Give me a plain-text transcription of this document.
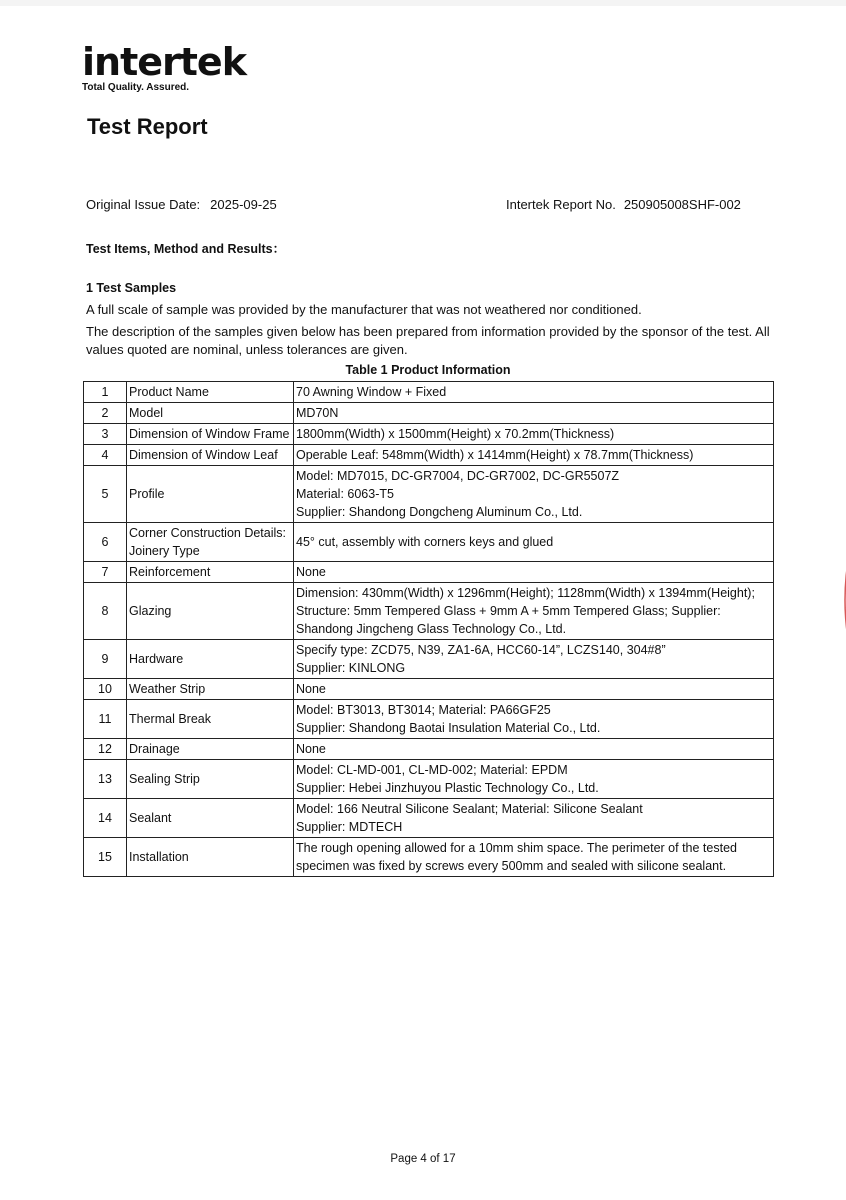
intertek
Total Quality. Assured.
Test Report
Original Issue Date: 2025-09-25	Intertek Report No. 250905008SHF-002
Test Items, Method and Results：
1 Test Samples
A full scale of sample was provided by the manufacturer that was not weathered nor conditioned.
The description of the samples given below has been prepared from information provided by the sponsor of the test. All values quoted are nominal, unless tolerances are given.
Table 1 Product Information
1	Product Name	70 Awning Window + Fixed

2	Model	MD70N

3	Dimension of Window Frame	1800mm(Width) x 1500mm(Height) x 70.2mm(Thickness)

4	Dimension of Window Leaf	Operable Leaf: 548mm(Width) x 1414mm(Height) x 78.7mm(Thickness)

5	Profile	Model: MD7015, DC-GR7004, DC-GR7002, DC-GR5507Z
Material: 6063-T5
Supplier: Shandong Dongcheng Aluminum Co., Ltd.

6	Corner Construction Details: Joinery Type	45° cut, assembly with corners keys and glued

7	Reinforcement	None

8	Glazing	Dimension: 430mm(Width) x 1296mm(Height); 1128mm(Width) x 1394mm(Height); Structure: 5mm Tempered Glass + 9mm A + 5mm Tempered Glass; Supplier: Shandong Jingcheng Glass Technology Co., Ltd.

9	Hardware	Specify type: ZCD75, N39, ZA1-6A, HCC60-14”, LCZS140, 304#8”
Supplier: KINLONG

10	Weather Strip	None

11	Thermal Break	Model: BT3013, BT3014; Material: PA66GF25
Supplier: Shandong Baotai Insulation Material Co., Ltd.

12	Drainage	None

13	Sealing Strip	Model: CL-MD-001, CL-MD-002; Material: EPDM
Supplier: Hebei Jinzhuyou Plastic Technology Co., Ltd.

14	Sealant	Model: 166 Neutral Silicone Sealant; Material: Silicone Sealant
Supplier: MDTECH

15	Installation	The rough opening allowed for a 10mm shim space. The perimeter of the tested specimen was fixed by screws every 500mm and sealed with silicone sealant.
Page 4 of 17
